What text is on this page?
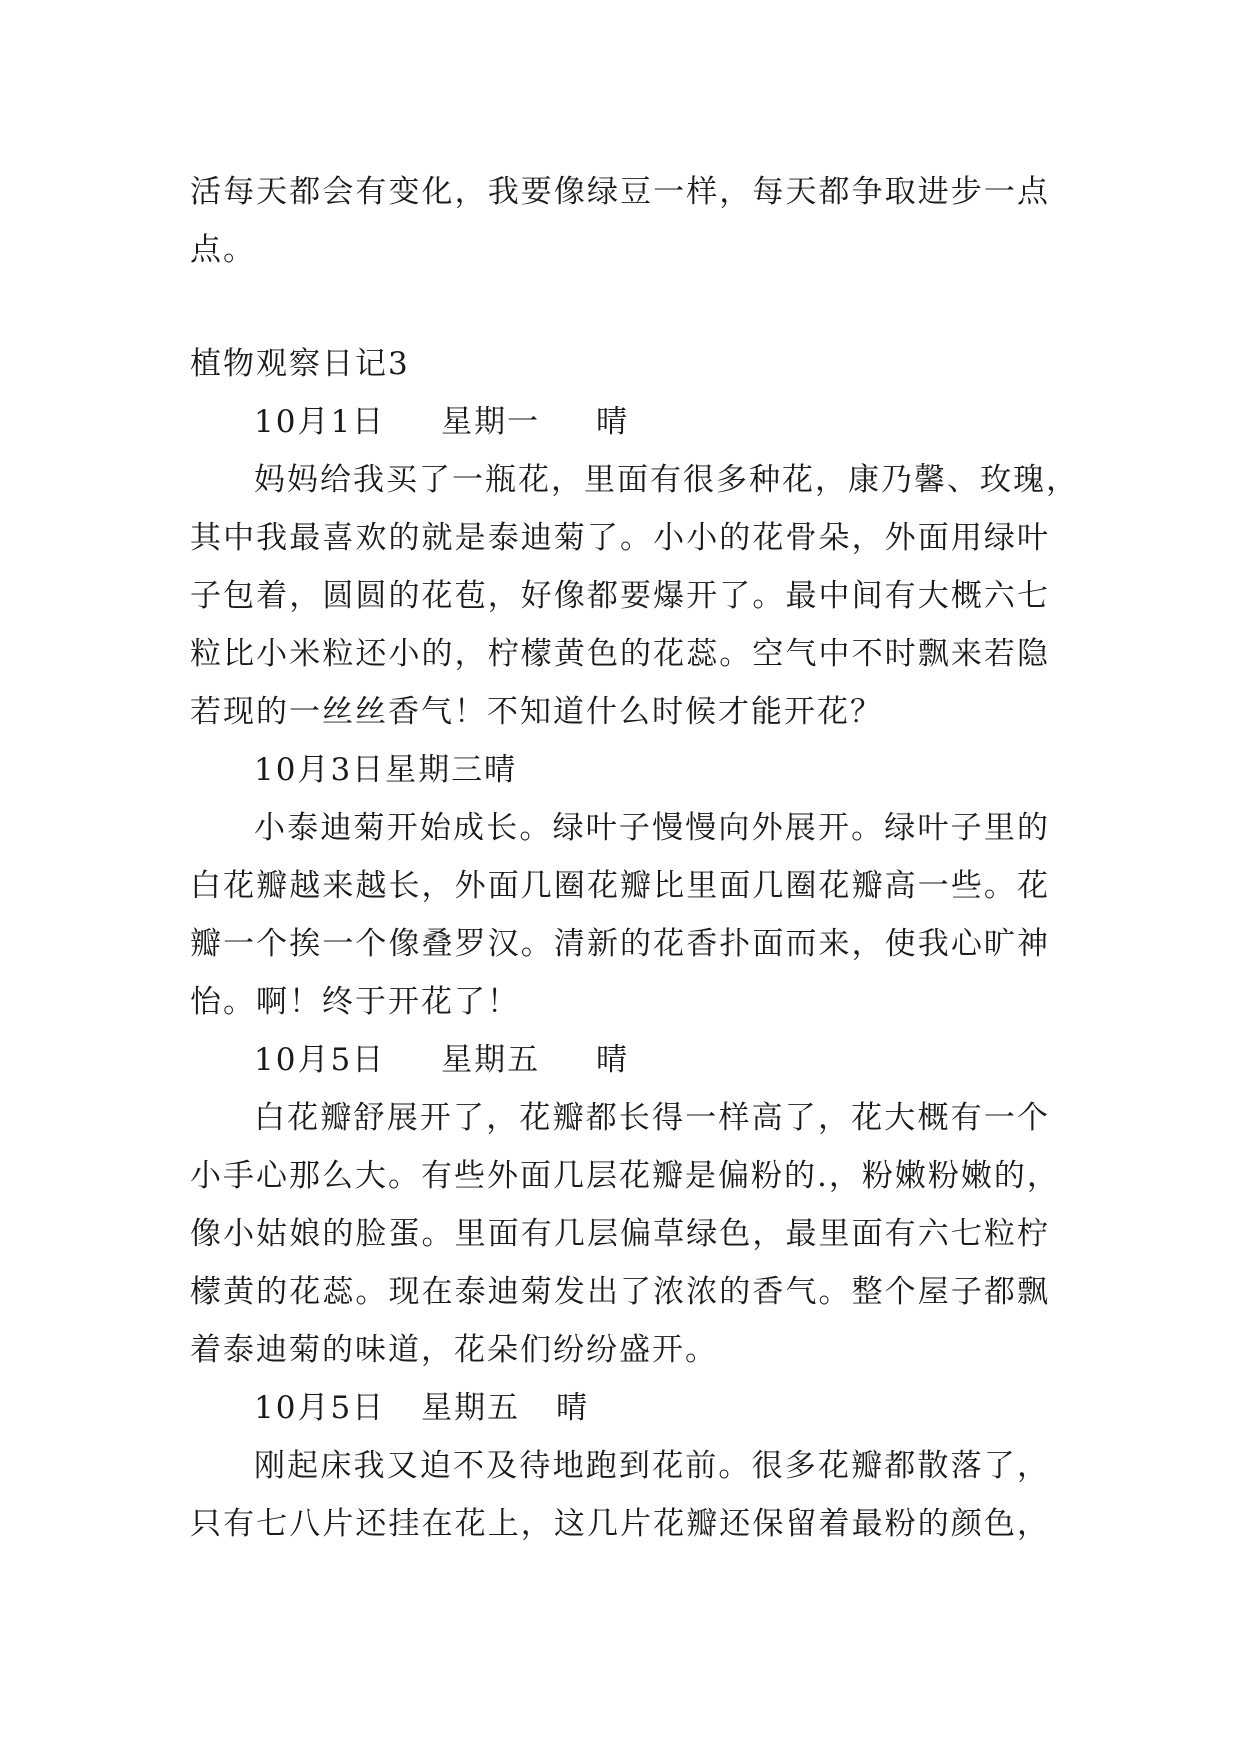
活每天都会有变化，我要像绿豆一样，每天都争取进步一点
点。
植物观察日记3
10月1日 星期一 晴
妈妈给我买了一瓶花，里面有很多种花，康乃馨、玫瑰，
其中我最喜欢的就是泰迪菊了。小小的花骨朵，外面用绿叶
子包着，圆圆的花苞，好像都要爆开了。最中间有大概六七
粒比小米粒还小的，柠檬黄色的花蕊。空气中不时飘来若隐
若现的一丝丝香气！不知道什么时候才能开花？
10月3日星期三晴
小泰迪菊开始成长。绿叶子慢慢向外展开。绿叶子里的
白花瓣越来越长，外面几圈花瓣比里面几圈花瓣高一些。花
瓣一个挨一个像叠罗汉。清新的花香扑面而来，使我心旷神
怡。啊！终于开花了！
10月5日 星期五 晴
白花瓣舒展开了，花瓣都长得一样高了，花大概有一个
小手心那么大。有些外面几层花瓣是偏粉的.，粉嫩粉嫩的，
像小姑娘的脸蛋。里面有几层偏草绿色，最里面有六七粒柠
檬黄的花蕊。现在泰迪菊发出了浓浓的香气。整个屋子都飘
着泰迪菊的味道，花朵们纷纷盛开。
10月5日 星期五 晴
刚起床我又迫不及待地跑到花前。很多花瓣都散落了，
只有七八片还挂在花上，这几片花瓣还保留着最粉的颜色，
